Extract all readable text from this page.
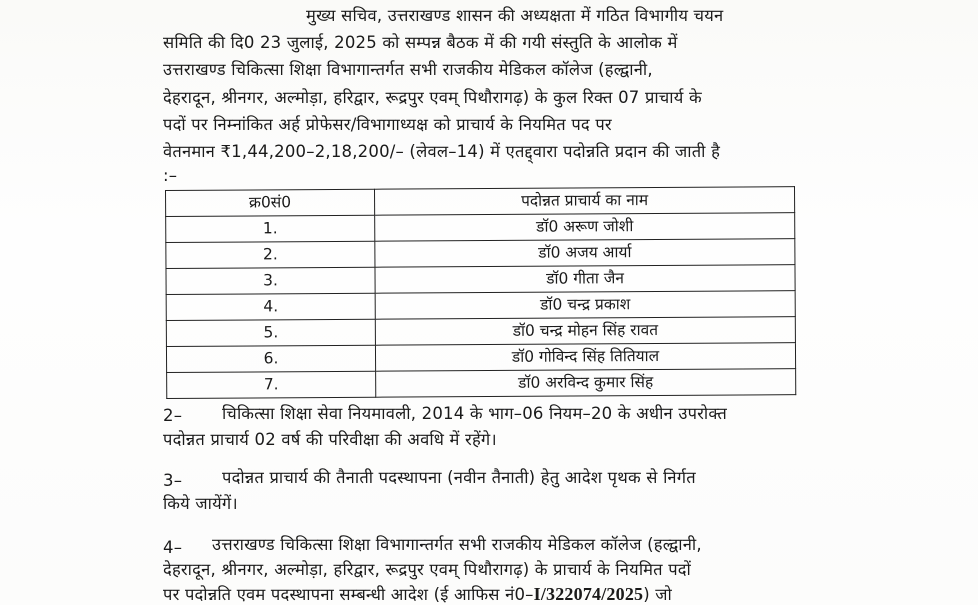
मुख्य सचिव, उत्तराखण्ड शासन की अध्यक्षता में गठित विभागीय चयन
समिति की दि0 23 जुलाई, 2025 को सम्पन्न बैठक में की गयी संस्तुति के आलोक में
उत्तराखण्ड चिकित्सा शिक्षा विभागान्तर्गत सभी राजकीय मेडिकल कॉलेज (हल्द्वानी,
देहरादून, श्रीनगर, अल्मोड़ा, हरिद्वार, रूद्रपुर एवम् पिथौरागढ़) के कुल रिक्त 07 प्राचार्य के
पदों पर निम्नांकित अर्ह प्रोफेसर/विभागाध्यक्ष को प्राचार्य के नियमित पद पर
वेतनमान ₹1,44,200–2,18,200/– (लेवल–14) में एतद्द्वारा पदोन्नति प्रदान की जाती है
:–
क्र0सं0	पदोन्नत प्राचार्य का नाम
1.	डॉ0 अरूण जोशी
2.	डॉ0 अजय आर्या
3.	डॉ0 गीता जैन
4.	डॉ0 चन्द्र प्रकाश
5.	डॉ0 चन्द्र मोहन सिंह रावत
6.	डॉ0 गोविन्द सिंह तितियाल
7.	डॉ0 अरविन्द कुमार सिंह
2– चिकित्सा शिक्षा सेवा नियमावली, 2014 के भाग–06 नियम–20 के अधीन उपरोक्त
पदोन्नत प्राचार्य 02 वर्ष की परिवीक्षा की अवधि में रहेंगे।
3– पदोन्नत प्राचार्य की तैनाती पदस्थापना (नवीन तैनाती) हेतु आदेश पृथक से निर्गत
किये जायेंगें।
4– उत्तराखण्ड चिकित्सा शिक्षा विभागान्तर्गत सभी राजकीय मेडिकल कॉलेज (हल्द्वानी,
देहरादून, श्रीनगर, अल्मोड़ा, हरिद्वार, रूद्रपुर एवम् पिथौरागढ़) के प्राचार्य के नियमित पदों
पर पदोन्नति एवम पदस्थापना सम्बन्धी आदेश (ई आफिस नं0–I/322074/2025) जो
